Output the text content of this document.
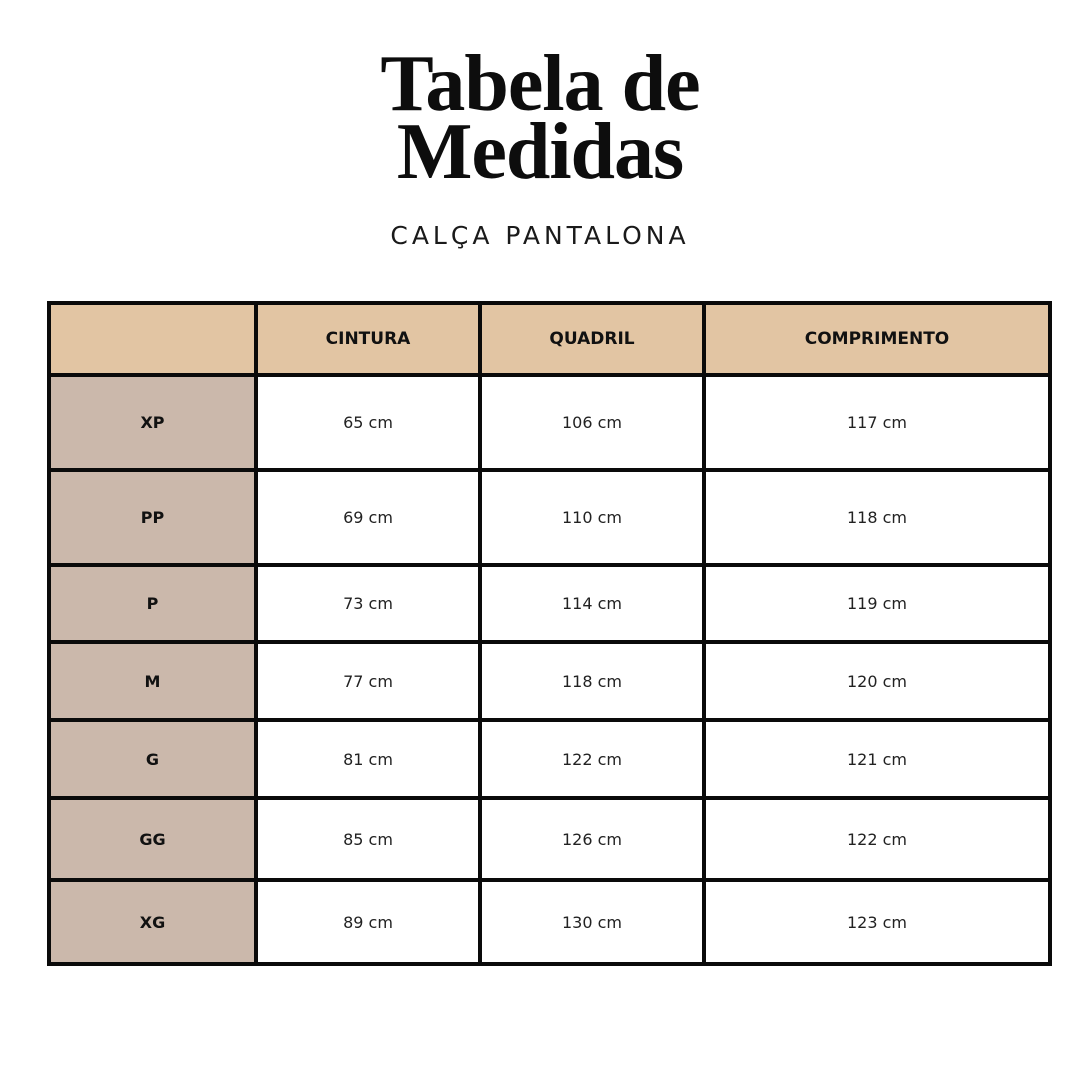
Tabela de
Medidas
CALÇA PANTALONA
	CINTURA	QUADRIL	COMPRIMENTO
XP	65 cm	106 cm	117 cm
PP	69 cm	110 cm	118 cm
P	73 cm	114 cm	119 cm
M	77 cm	118 cm	120 cm
G	81 cm	122 cm	121 cm
GG	85 cm	126 cm	122 cm
XG	89 cm	130 cm	123 cm
